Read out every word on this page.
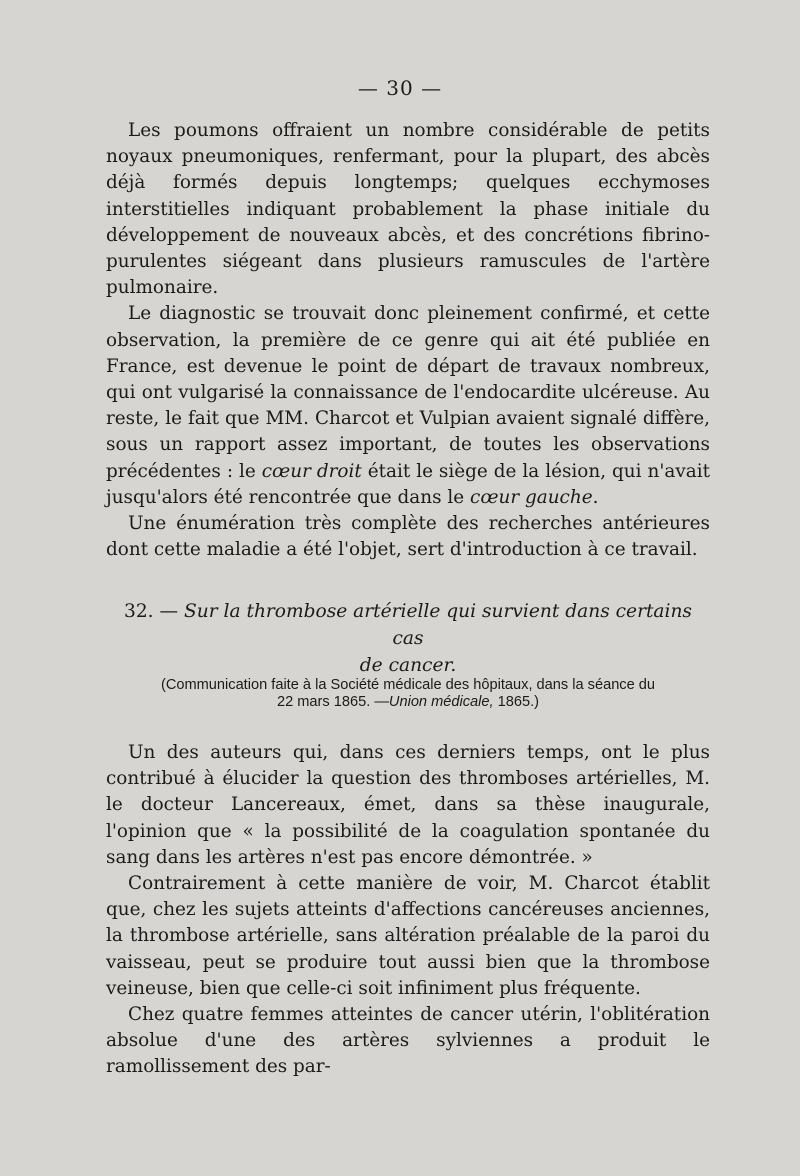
— 30 —

Les poumons offraient un nombre considérable de petits noyaux pneumoniques, renfermant, pour la plupart, des abcès déjà formés depuis longtemps; quelques ecchymoses interstitielles indiquant probablement la phase initiale du développement de nouveaux abcès, et des concrétions fibrino-purulentes siégeant dans plusieurs ramuscules de l'artère pulmonaire.

Le diagnostic se trouvait donc pleinement confirmé, et cette observation, la première de ce genre qui ait été publiée en France, est devenue le point de départ de travaux nombreux, qui ont vulgarisé la connaissance de l'endocardite ulcéreuse. Au reste, le fait que MM. Charcot et Vulpian avaient signalé diffère, sous un rapport assez important, de toutes les observations précédentes : le cœur droit était le siège de la lésion, qui n'avait jusqu'alors été rencontrée que dans le cœur gauche.

Une énumération très complète des recherches antérieures dont cette maladie a été l'objet, sert d'introduction à ce travail.

32. — Sur la thrombose artérielle qui survient dans certains cas
de cancer.

(Communication faite à la Société médicale des hôpitaux, dans la séance du
22 mars 1865. —Union médicale, 1865.)

Un des auteurs qui, dans ces derniers temps, ont le plus contribué à élucider la question des thromboses artérielles, M. le docteur Lancereaux, émet, dans sa thèse inaugurale, l'opinion que « la possibilité de la coagulation spontanée du sang dans les artères n'est pas encore démontrée. »

Contrairement à cette manière de voir, M. Charcot établit que, chez les sujets atteints d'affections cancéreuses anciennes, la thrombose artérielle, sans altération préalable de la paroi du vaisseau, peut se produire tout aussi bien que la thrombose veineuse, bien que celle-ci soit infiniment plus fréquente.

Chez quatre femmes atteintes de cancer utérin, l'oblitération absolue d'une des artères sylviennes a produit le ramollissement des par-
